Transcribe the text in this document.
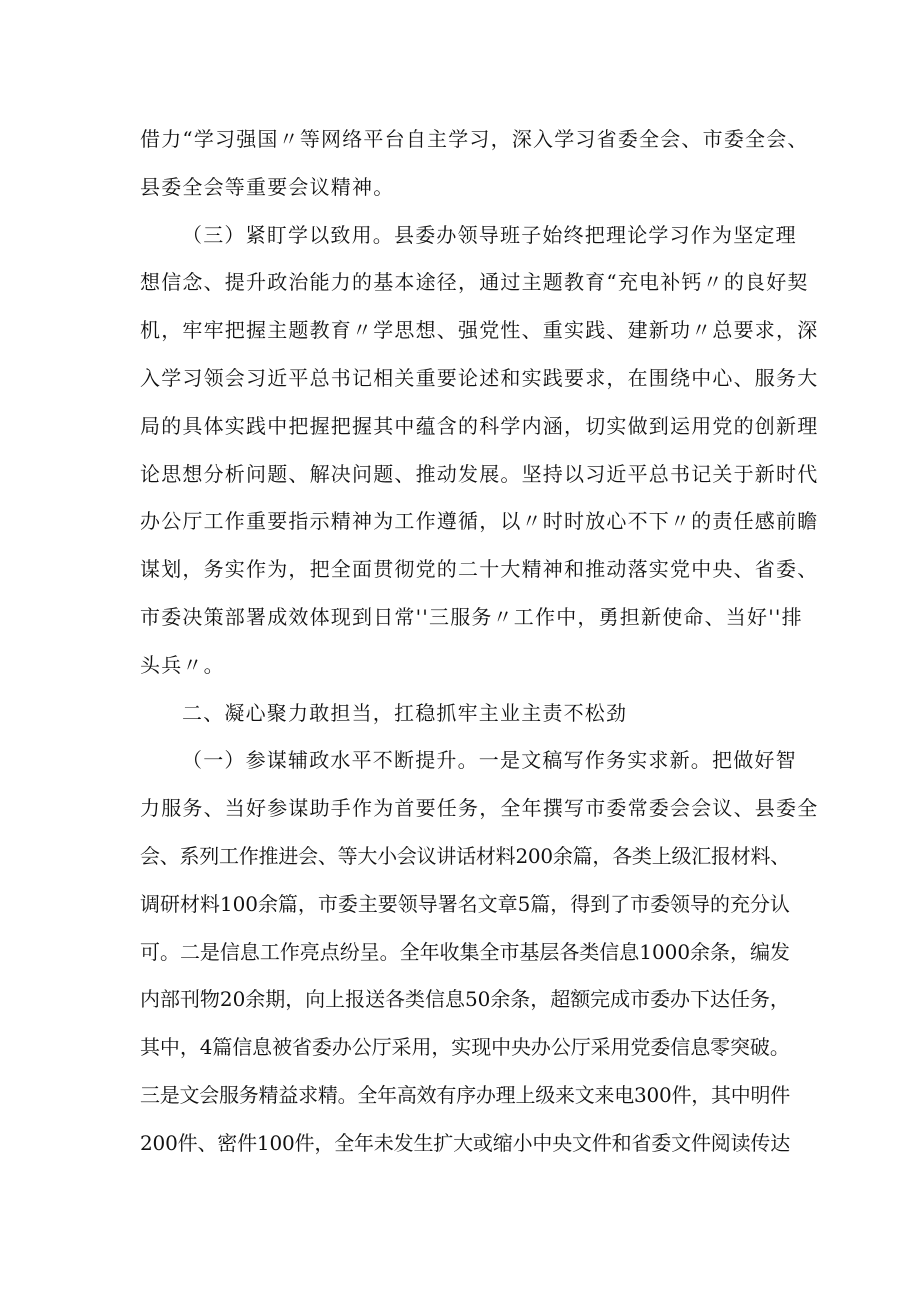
借力“学习强国〃等网络平台自主学习，深入学习省委全会、市委全会、
县委全会等重要会议精神。
（三）紧盯学以致用。县委办领导班子始终把理论学习作为坚定理
想信念、提升政治能力的基本途径，通过主题教育“充电补钙〃的良好契
机，牢牢把握主题教育〃学思想、强党性、重实践、建新功〃总要求，深
入学习领会习近平总书记相关重要论述和实践要求，在围绕中心、服务大
局的具体实践中把握把握其中蕴含的科学内涵，切实做到运用党的创新理
论思想分析问题、解决问题、推动发展。坚持以习近平总书记关于新时代
办公厅工作重要指示精神为工作遵循，以〃时时放心不下〃的责任感前瞻
谋划，务实作为，把全面贯彻党的二十大精神和推动落实党中央、省委、
市委决策部署成效体现到日常''三服务〃工作中，勇担新使命、当好''排
头兵〃。
二、凝心聚力敢担当，扛稳抓牢主业主责不松劲
（一）参谋辅政水平不断提升。一是文稿写作务实求新。把做好智
力服务、当好参谋助手作为首要任务，全年撰写市委常委会会议、县委全
会、系列工作推进会、等大小会议讲话材料200余篇，各类上级汇报材料、
调研材料100余篇，市委主要领导署名文章5篇，得到了市委领导的充分认
可。二是信息工作亮点纷呈。全年收集全市基层各类信息1000余条，编发
内部刊物20余期，向上报送各类信息50余条，超额完成市委办下达任务，
其中，4篇信息被省委办公厅采用，实现中央办公厅采用党委信息零突破。
三是文会服务精益求精。全年高效有序办理上级来文来电300件，其中明件
200件、密件100件，全年未发生扩大或缩小中央文件和省委文件阅读传达
